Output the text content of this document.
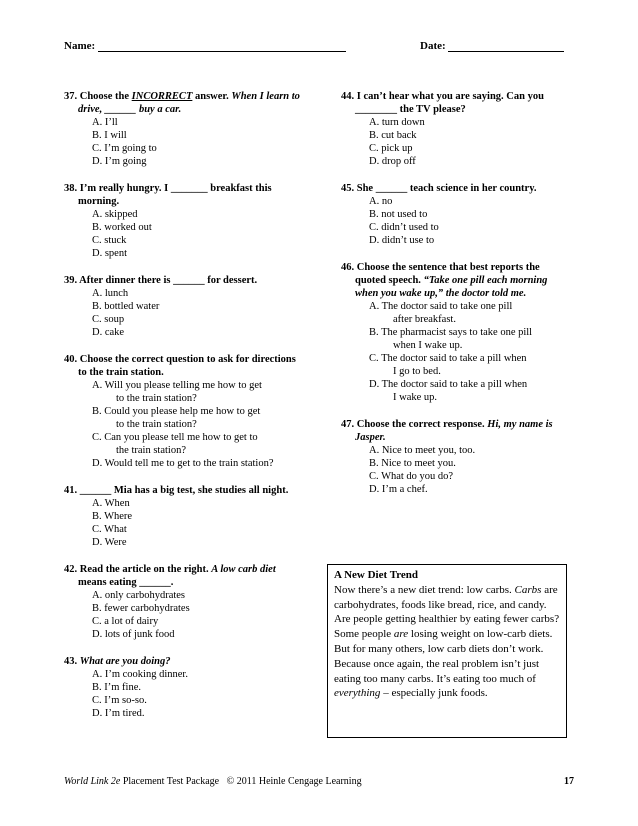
Name:	Date:
37. Choose the INCORRECT answer. When I learn to drive, ______ buy a car.
A. I’ll
B. I will
C. I’m going to
D. I’m going
38. I’m really hungry. I _______ breakfast this morning.
A. skipped
B. worked out
C. stuck
D. spent
39. After dinner there is ______ for dessert.
A. lunch
B. bottled water
C. soup
D. cake
40. Choose the correct question to ask for directions to the train station.
A. Will you please telling me how to get
to the train station?
B. Could you please help me how to get
to the train station?
C. Can you please tell me how to get to
the train station?
D. Would tell me to get to the train station?
41. ______ Mia has a big test, she studies all night.
A. When
B. Where
C. What
D. Were
42. Read the article on the right. A low carb diet means eating ______.
A. only carbohydrates
B. fewer carbohydrates
C. a lot of dairy
D. lots of junk food
43. What are you doing?
A. I’m cooking dinner.
B. I’m fine.
C. I’m so-so.
D. I’m tired.
44. I can’t hear what you are saying. Can you ________ the TV please?
A. turn down
B. cut back
C. pick up
D. drop off
45. She ______ teach science in her country.
A. no
B. not used to
C. didn’t used to
D. didn’t use to
46. Choose the sentence that best reports the quoted speech. “Take one pill each morning when you wake up,” the doctor told me.
A. The doctor said to take one pill
after breakfast.
B. The pharmacist says to take one pill
when I wake up.
C. The doctor said to take a pill when
I go to bed.
D. The doctor said to take a pill when
I wake up.
47. Choose the correct response. Hi, my name is Jasper.
A. Nice to meet you, too.
B. Nice to meet you.
C. What do you do?
D. I’m a chef.
A New Diet Trend
Now there’s a new diet trend: low carbs. Carbs are carbohydrates, foods like bread, rice, and candy. Are people getting healthier by eating fewer carbs? Some people are losing weight on low-carb diets. But for many others, low carb diets don’t work. Because once again, the real problem isn’t just eating too many carbs. It’s eating too much of everything – especially junk foods.
World Link 2e Placement Test Package   © 2011 Heinle Cengage Learning	17
